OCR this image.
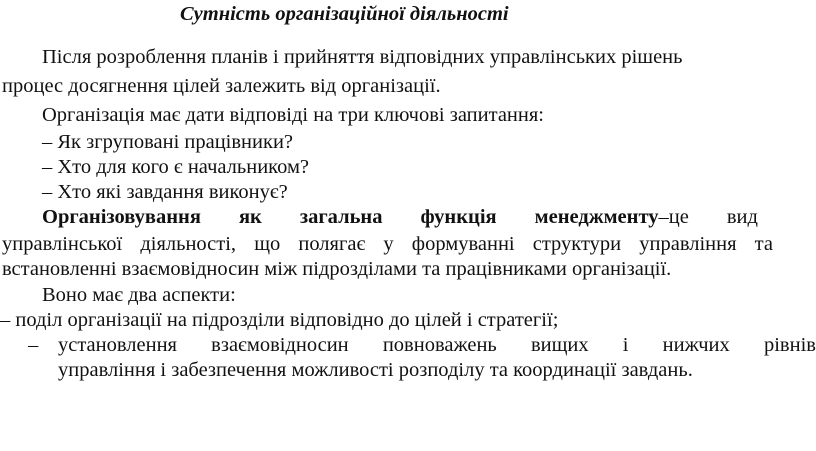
Сутність організаційної діяльності
Після розроблення планів і прийняття відповідних управлінських рішень
процес досягнення цілей залежить від організації.
Організація має дати відповіді на три ключові запитання:
– Як згруповані працівники?
– Хто для кого є начальником?
– Хто які завдання виконує?
Організовування як загальна функція менеджменту–це вид
управлінської діяльності, що полягає у формуванні структури управління та
встановленні взаємовідносин між підрозділами та працівниками організації.
Воно має два аспекти:
– поділ організації на підрозділи відповідно до цілей і стратегії;
– установлення взаємовідносин повноважень вищих і нижчих рівнів
управління і забезпечення можливості розподілу та координації завдань.
